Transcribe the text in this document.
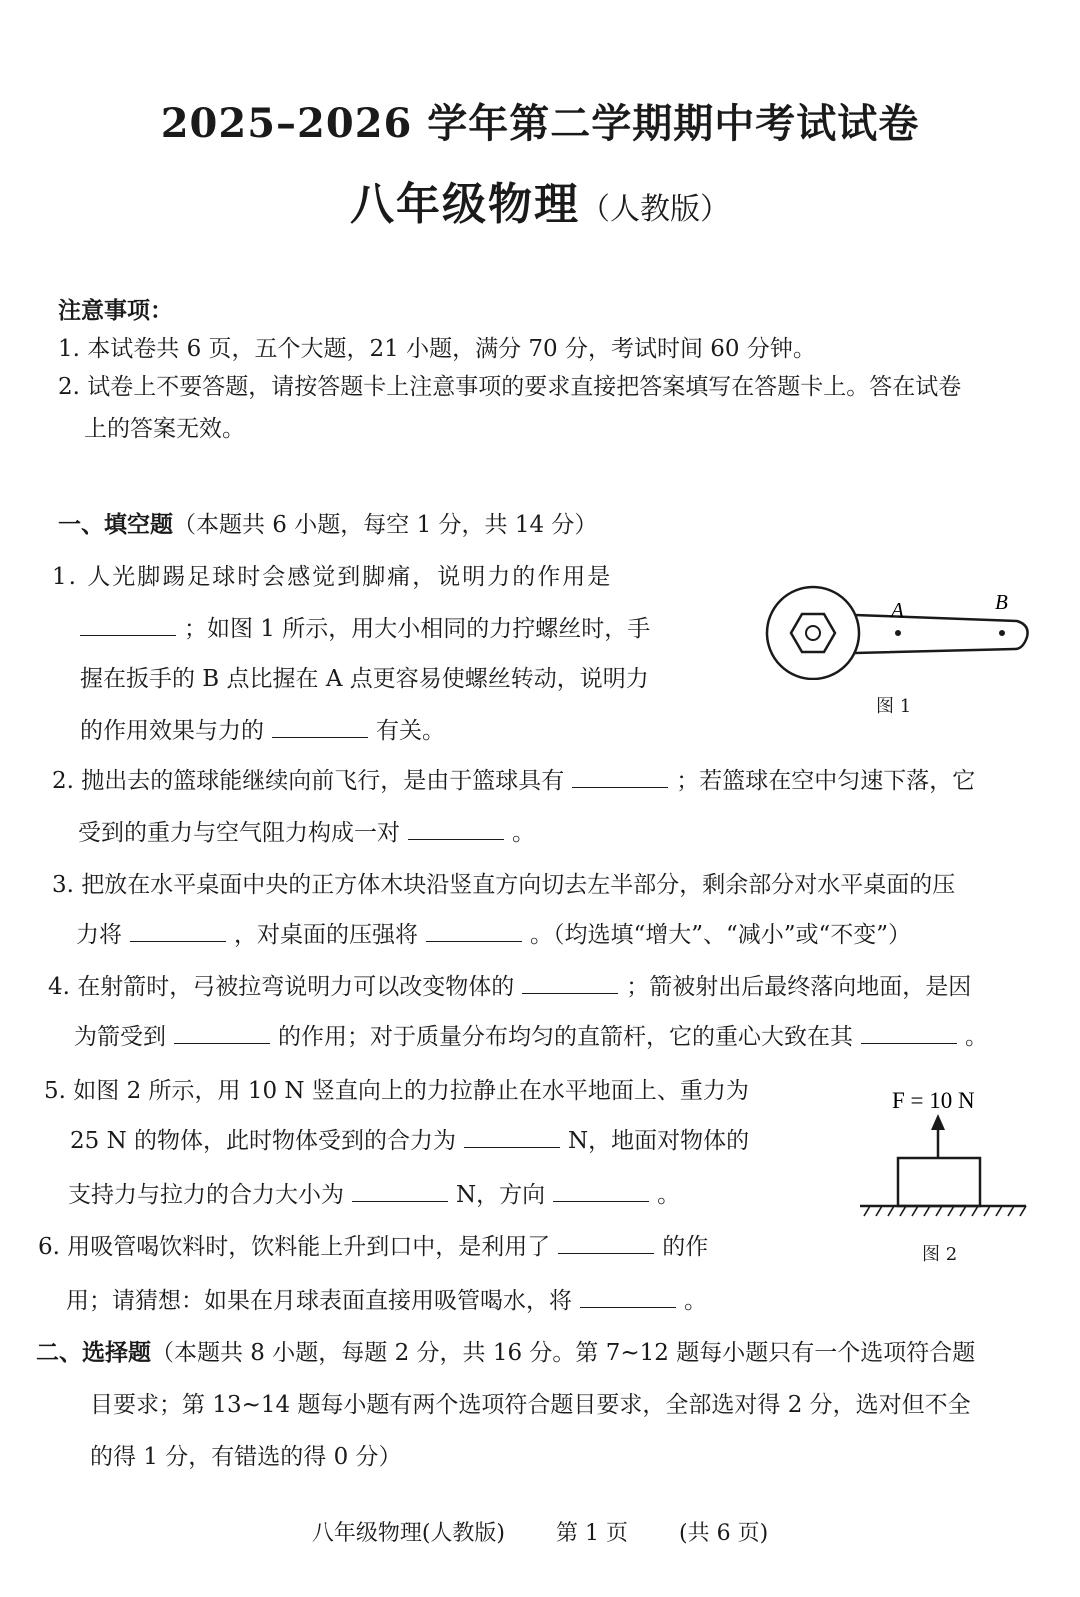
2025–2026 学年第二学期期中考试试卷
八年级物理（人教版）
注意事项：
1. 本试卷共 6 页，五个大题，21 小题，满分 70 分，考试时间 60 分钟。
2. 试卷上不要答题，请按答题卡上注意事项的要求直接把答案填写在答题卡上。答在试卷
上的答案无效。
一、填空题（本题共 6 小题，每空 1 分，共 14 分）
1. 人光脚踢足球时会感觉到脚痛，说明力的作用是
；如图 1 所示，用大小相同的力拧螺丝时，手
握在扳手的 B 点比握在 A 点更容易使螺丝转动，说明力
的作用效果与力的	有关。
A	B
图 1
2. 抛出去的篮球能继续向前飞行，是由于篮球具有	；若篮球在空中匀速下落，它
受到的重力与空气阻力构成一对	。
3. 把放在水平桌面中央的正方体木块沿竖直方向切去左半部分，剩余部分对水平桌面的压
力将	，对桌面的压强将	。（均选填“增大”、“减小”或“不变”）
4. 在射箭时，弓被拉弯说明力可以改变物体的	；箭被射出后最终落向地面，是因
为箭受到	的作用；对于质量分布均匀的直箭杆，它的重心大致在其	。
5. 如图 2 所示，用 10 N 竖直向上的力拉静止在水平地面上、重力为
25 N 的物体，此时物体受到的合力为	N，地面对物体的
支持力与拉力的合力大小为	N，方向	。
F = 10 N
图 2
6. 用吸管喝饮料时，饮料能上升到口中，是利用了	的作
用；请猜想：如果在月球表面直接用吸管喝水，将	。
二、选择题（本题共 8 小题，每题 2 分，共 16 分。第 7~12 题每小题只有一个选项符合题
目要求；第 13~14 题每小题有两个选项符合题目要求，全部选对得 2 分，选对但不全
的得 1 分，有错选的得 0 分）
八年级物理(人教版) 第 1 页 (共 6 页)
